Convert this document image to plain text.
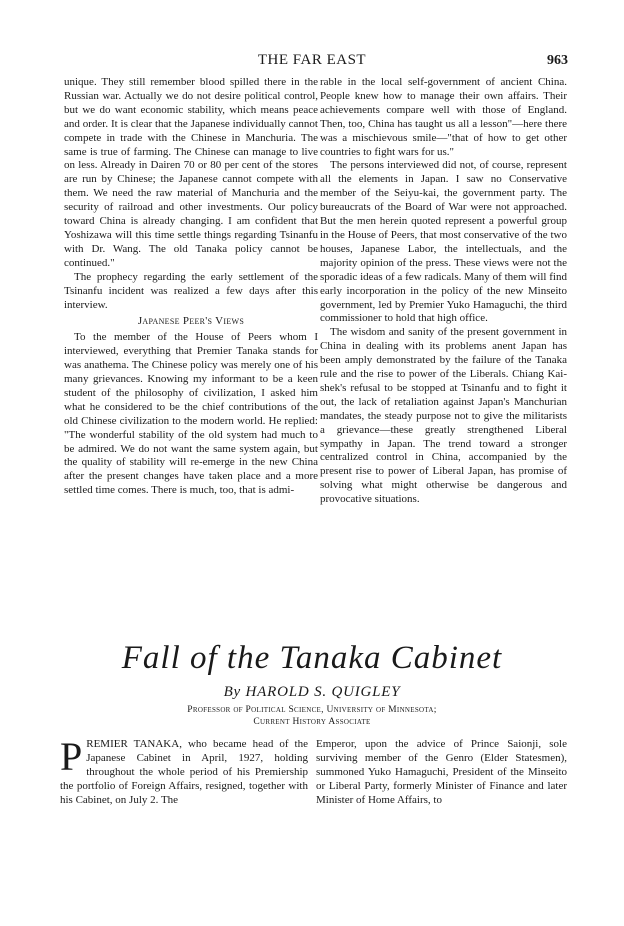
THE FAR EAST	963

unique. They still remember blood spilled there in the Russian war. Actually we do not desire political control, but we do want economic stability, which means peace and order. It is clear that the Japanese individually cannot compete in trade with the Chinese in Manchuria. The same is true of farming. The Chinese can manage to live on less. Already in Dairen 70 or 80 per cent of the stores are run by Chinese; the Japanese cannot compete with them. We need the raw material of Manchuria and the security of railroad and other investments. Our policy toward China is already changing. I am confident that Yoshizawa will this time settle things regarding Tsinanfu with Dr. Wang. The old Tanaka policy cannot be continued."

The prophecy regarding the early settlement of the Tsinanfu incident was realized a few days after this interview.

Japanese Peer's Views

To the member of the House of Peers whom I interviewed, everything that Premier Tanaka stands for was anathema. The Chinese policy was merely one of his many grievances. Knowing my informant to be a keen student of the philosophy of civilization, I asked him what he considered to be the chief contributions of the old Chinese civilization to the modern world. He replied: "The wonderful stability of the old system had much to be admired. We do not want the same system again, but the quality of stability will re-emerge in the new China after the present changes have taken place and a more settled time comes. There is much, too, that is admi-

rable in the local self-government of ancient China. People knew how to manage their own affairs. Their achievements compare well with those of England. Then, too, China has taught us all a lesson"—here there was a mischievous smile—"that of how to get other countries to fight wars for us."

The persons interviewed did not, of course, represent all the elements in Japan. I saw no Conservative member of the Seiyu-kai, the government party. The bureaucrats of the Board of War were not approached. But the men herein quoted represent a powerful group in the House of Peers, that most conservative of the two houses, Japanese Labor, the intellectuals, and the majority opinion of the press. These views were not the sporadic ideas of a few radicals. Many of them will find early incorporation in the policy of the new Minseito government, led by Premier Yuko Hamaguchi, the third commissioner to hold that high office.

The wisdom and sanity of the present government in China in dealing with its problems anent Japan has been amply demonstrated by the failure of the Tanaka rule and the rise to power of the Liberals. Chiang Kai-shek's refusal to be stopped at Tsinanfu and to fight it out, the lack of retaliation against Japan's Manchurian mandates, the steady purpose not to give the militarists a grievance—these greatly strengthened Liberal sympathy in Japan. The trend toward a stronger centralized control in China, accompanied by the present rise to power of Liberal Japan, has promise of solving what might otherwise be dangerous and provocative situations.

Fall of the Tanaka Cabinet
By HAROLD S. QUIGLEY
Professor of Political Science, University of Minnesota;
Current History Associate
P REMIER TANAKA, who became head of the Japanese Cabinet in April, 1927, holding throughout the whole period of his Premiership the portfolio of Foreign Affairs, resigned, together with his Cabinet, on July 2. The

Emperor, upon the advice of Prince Saionji, sole surviving member of the Genro (Elder Statesmen), summoned Yuko Hamaguchi, President of the Minseito or Liberal Party, formerly Minister of Finance and later Minister of Home Affairs, to
